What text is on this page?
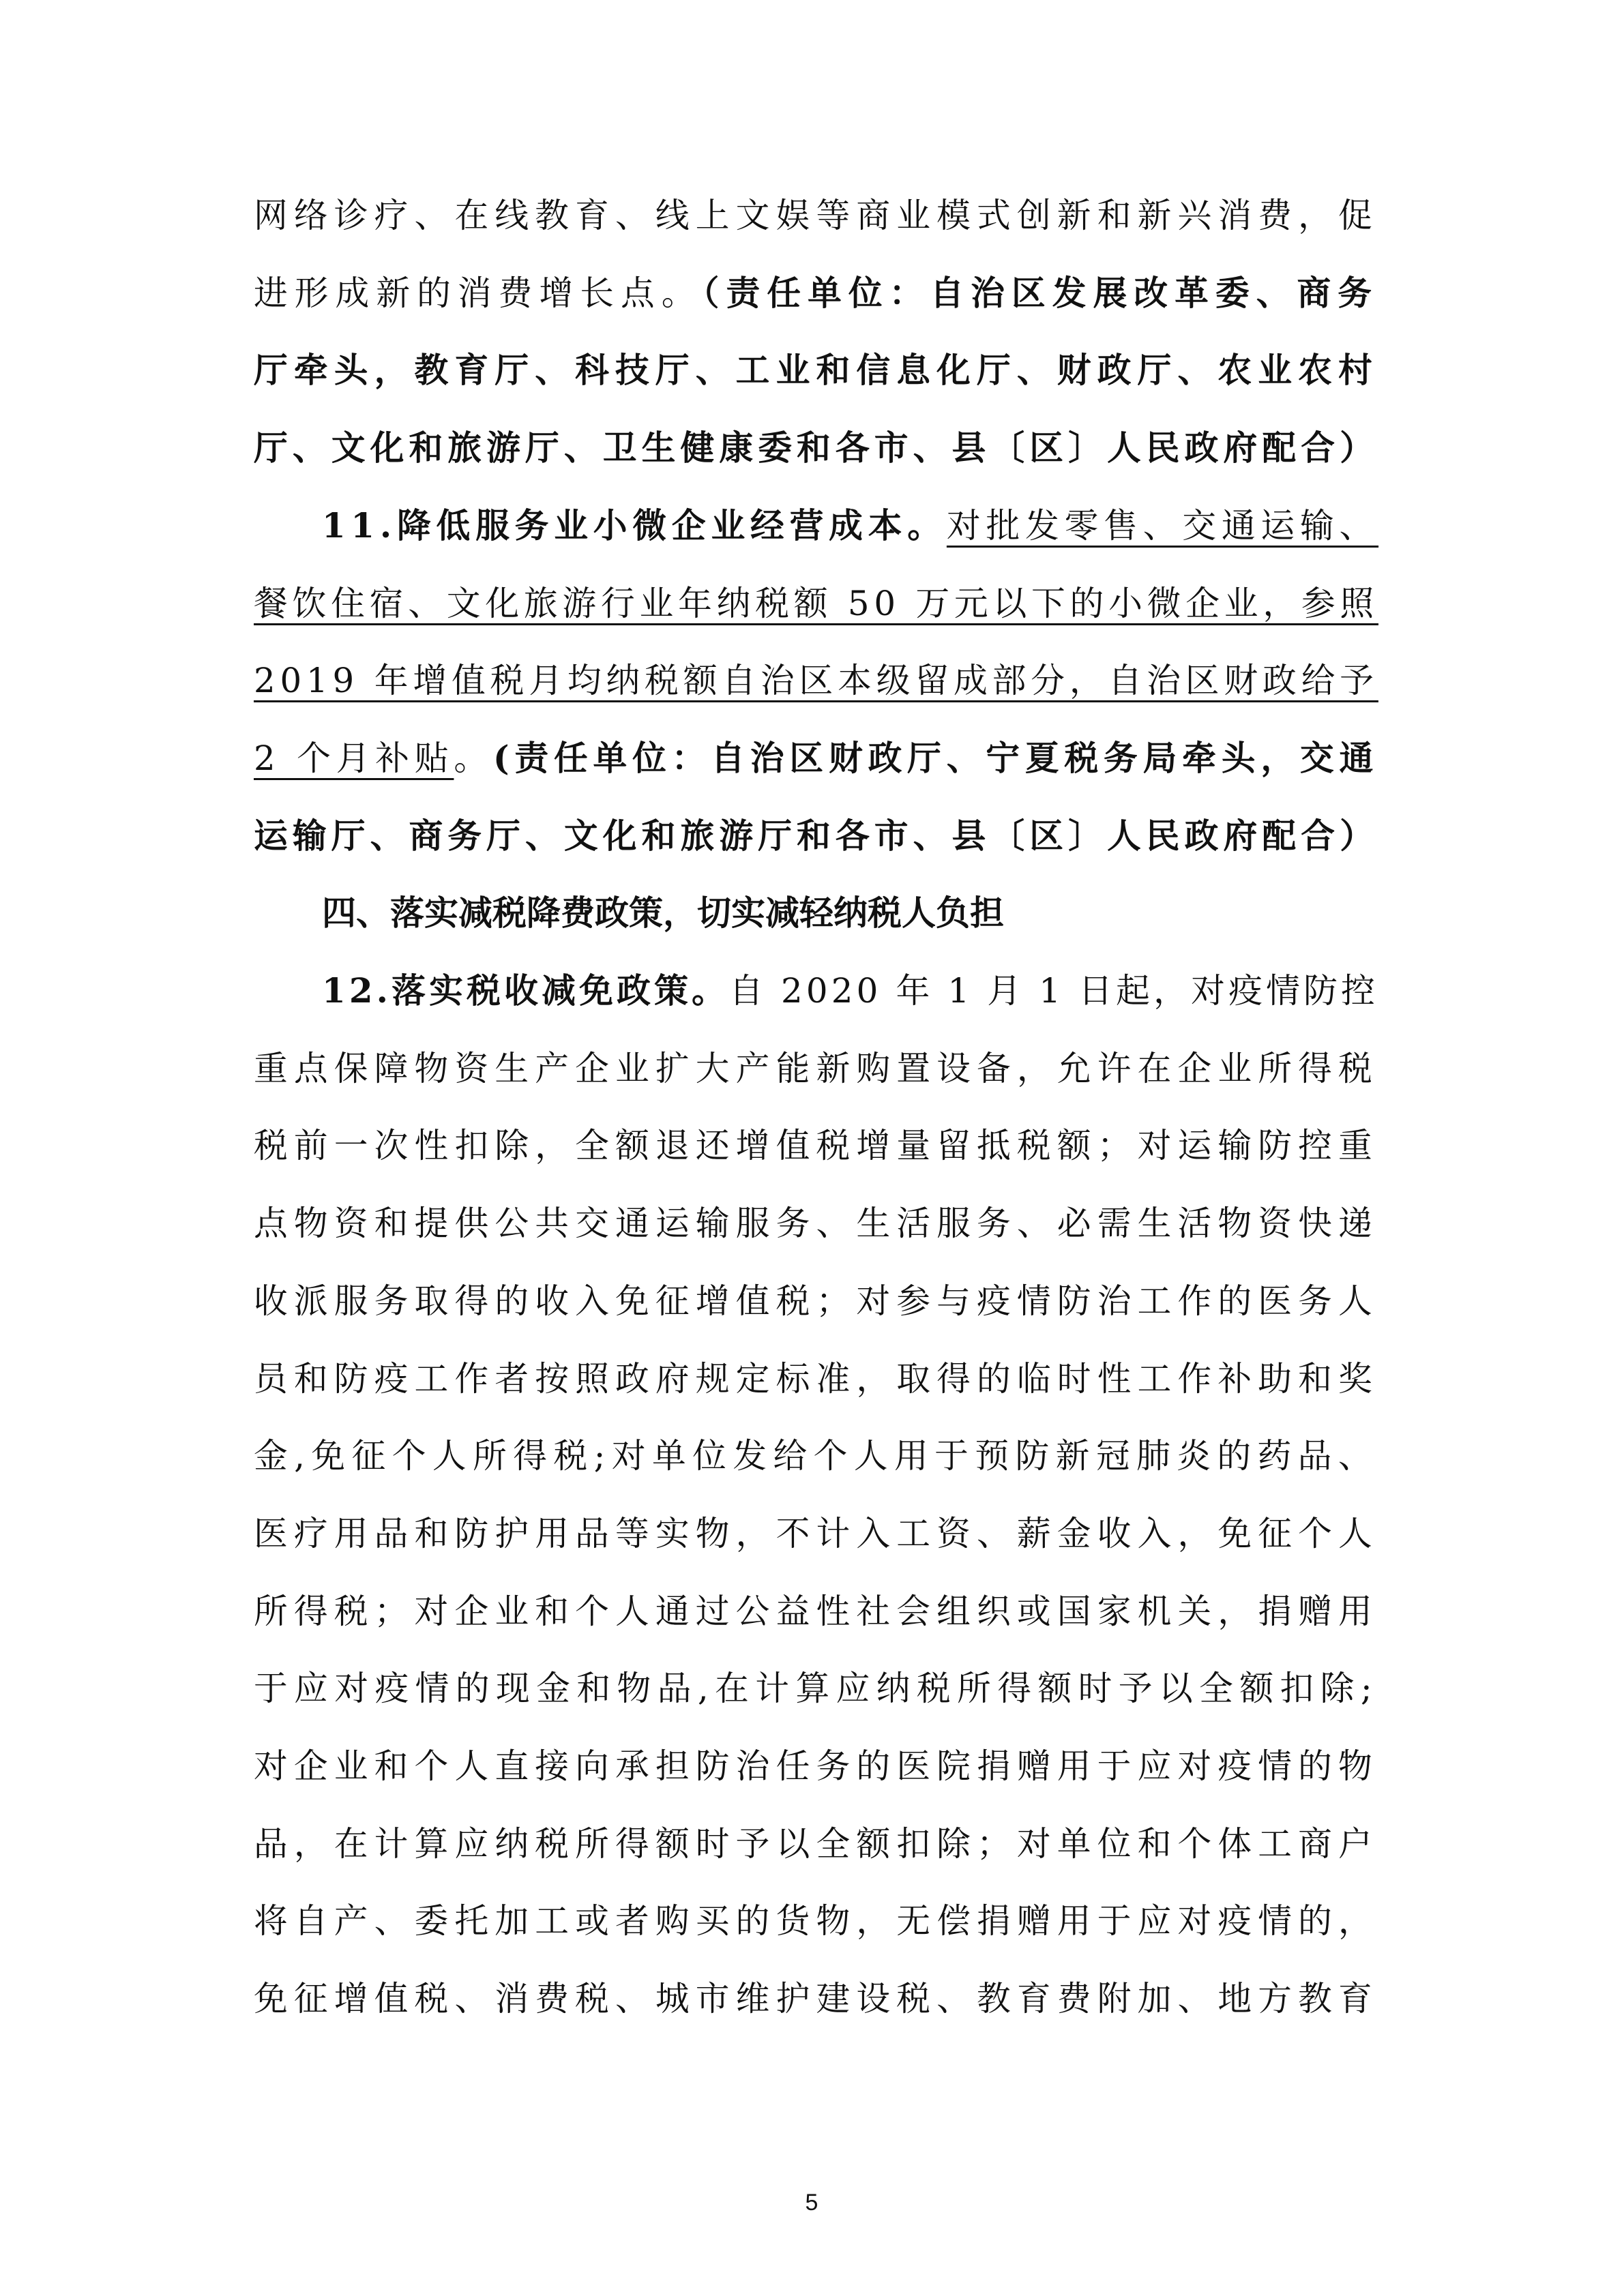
网络诊疗、在线教育、线上文娱等商业模式创新和新兴消费，促
进形成新的消费增长点。（责任单位：自治区发展改革委、商务
厅牵头，教育厅、科技厅、工业和信息化厅、财政厅、农业农村
厅、文化和旅游厅、卫生健康委和各市、县〔区〕人民政府配合）
11.降低服务业小微企业经营成本。对批发零售、交通运输、
餐饮住宿、文化旅游行业年纳税额 50 万元以下的小微企业，参照
2019 年增值税月均纳税额自治区本级留成部分，自治区财政给予
2 个月补贴。(责任单位：自治区财政厅、宁夏税务局牵头，交通
运输厅、商务厅、文化和旅游厅和各市、县〔区〕人民政府配合）
四、落实减税降费政策，切实减轻纳税人负担
12.落实税收减免政策。自 2020 年 1 月 1 日起，对疫情防控
重点保障物资生产企业扩大产能新购置设备，允许在企业所得税
税前一次性扣除，全额退还增值税增量留抵税额；对运输防控重
点物资和提供公共交通运输服务、生活服务、必需生活物资快递
收派服务取得的收入免征增值税；对参与疫情防治工作的医务人
员和防疫工作者按照政府规定标准，取得的临时性工作补助和奖
金,免征个人所得税;对单位发给个人用于预防新冠肺炎的药品、
医疗用品和防护用品等实物，不计入工资、薪金收入，免征个人
所得税；对企业和个人通过公益性社会组织或国家机关，捐赠用
于应对疫情的现金和物品,在计算应纳税所得额时予以全额扣除;
对企业和个人直接向承担防治任务的医院捐赠用于应对疫情的物
品，在计算应纳税所得额时予以全额扣除；对单位和个体工商户
将自产、委托加工或者购买的货物，无偿捐赠用于应对疫情的，
免征增值税、消费税、城市维护建设税、教育费附加、地方教育
5
